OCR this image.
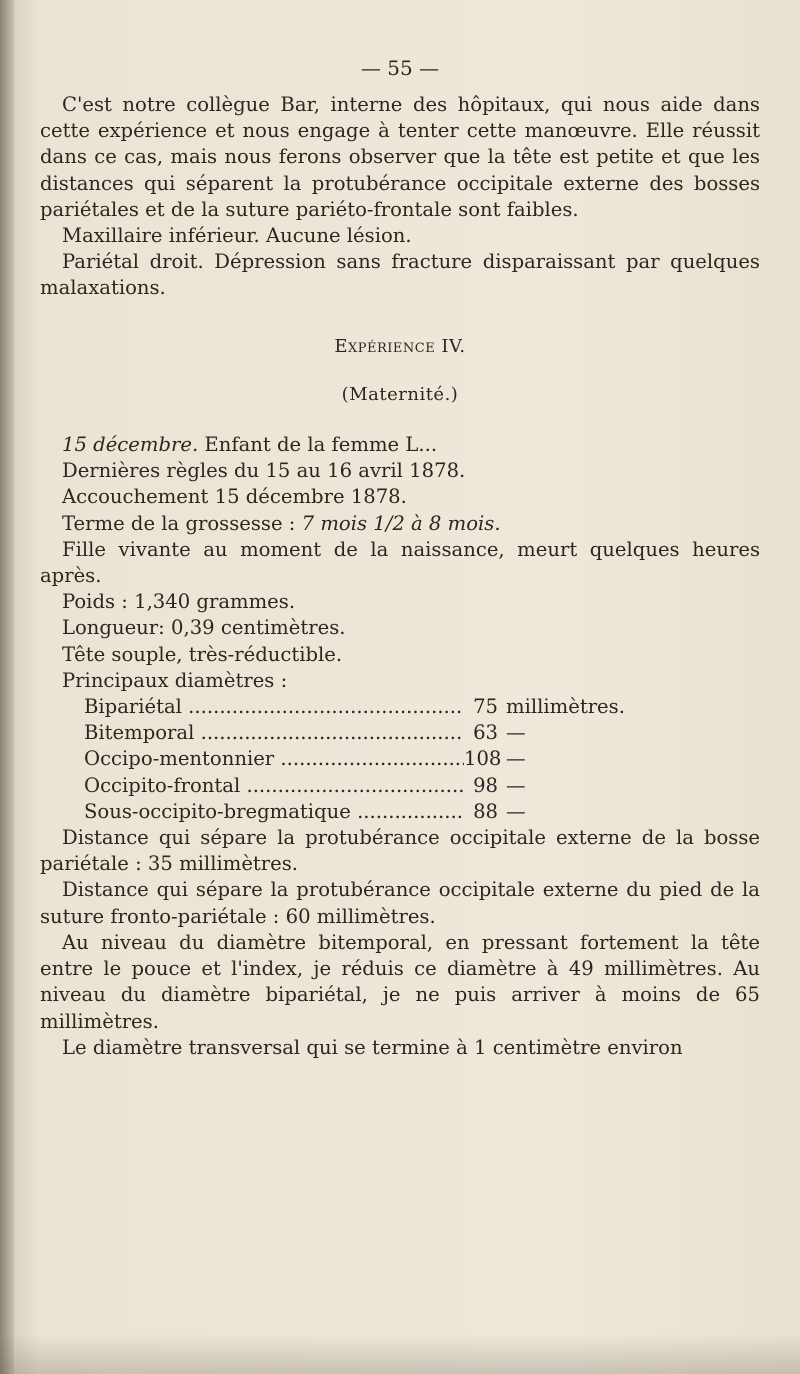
— 55 —

C'est notre collègue Bar, interne des hôpitaux, qui nous aide dans cette expérience et nous engage à tenter cette manœuvre. Elle réussit dans ce cas, mais nous ferons observer que la tête est petite et que les distances qui séparent la protubérance occipitale externe des bosses pariétales et de la suture pariéto-frontale sont faibles.

Maxillaire inférieur. Aucune lésion.

Pariétal droit. Dépression sans fracture disparaissant par quelques malaxations.

Expérience IV.

(Maternité.)

15 décembre. Enfant de la femme L...

Dernières règles du 15 au 16 avril 1878.

Accouchement 15 décembre 1878.

Terme de la grossesse : 7 mois 1/2 à 8 mois.

Fille vivante au moment de la naissance, meurt quelques heures après.

Poids : 1,340 grammes.

Longueur: 0,39 centimètres.

Tête souple, très-réductible.

Principaux diamètres :

Bipariétal .....	75 millimètres.
Bitemporal .....	63 —
Occipo-mentonnier .....	108 —
Occipito-frontal .....	98 —
Sous-occipito-bregmatique .....	88 —

Distance qui sépare la protubérance occipitale externe de la bosse pariétale : 35 millimètres.

Distance qui sépare la protubérance occipitale externe du pied de la suture fronto-pariétale : 60 millimètres.

Au niveau du diamètre bitemporal, en pressant fortement la tête entre le pouce et l'index, je réduis ce diamètre à 49 millimètres. Au niveau du diamètre bipariétal, je ne puis arriver à moins de 65 millimètres.

Le diamètre transversal qui se termine à 1 centimètre environ
